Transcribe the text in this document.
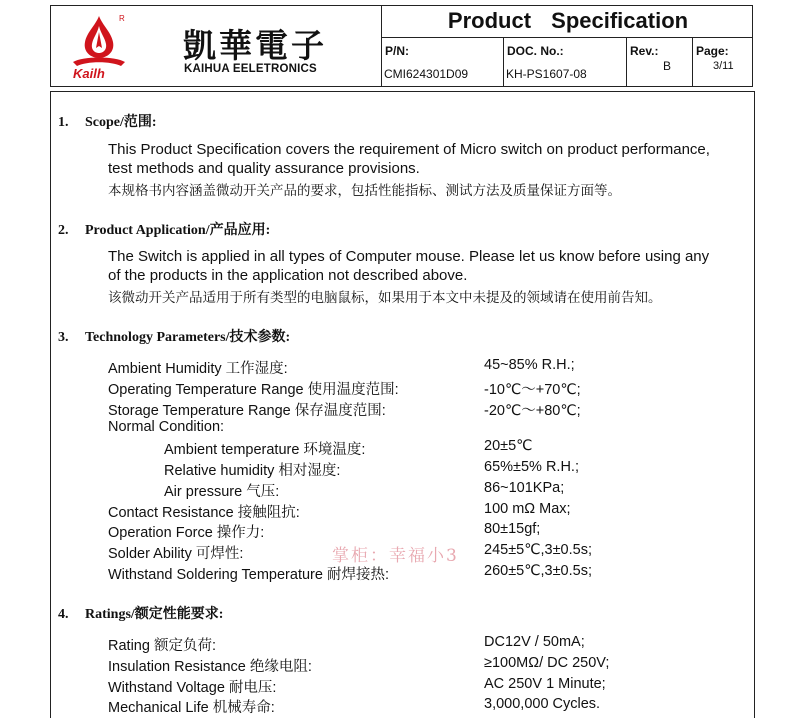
R
Kailh
凱華電子
KAIHUA EELETRONICS
Product Specification
P/N:
CMI624301D09
DOC. No.:
KH-PS1607-08
Rev.:
B
Page:
3/11
1. Scope/范围:
This Product Specification covers the requirement of Micro switch on product performance,
test methods and quality assurance provisions.
本规格书内容涵盖微动开关产品的要求，包括性能指标、测试方法及质量保证方面等。
2. Product Application/产品应用:
The Switch is applied in all types of Computer mouse. Please let us know before using any
of the products in the application not described above.
该微动开关产品适用于所有类型的电脑鼠标，如果用于本文中未提及的领域请在使用前告知。
3. Technology Parameters/技术参数:
Ambient Humidity 工作湿度:	45~85% R.H.;
Operating Temperature Range 使用温度范围:	-10℃～+70℃;
Storage Temperature Range 保存温度范围:	-20℃～+80℃;
Normal Condition:
Ambient temperature 环境温度:	20±5℃
Relative humidity 相对湿度:	65%±5% R.H.;
Air pressure 气压:	86~101KPa;
Contact Resistance 接触阻抗:	100 mΩ Max;
Operation Force 操作力:	80±15gf;
Solder Ability 可焊性:	245±5℃,3±0.5s;
Withstand Soldering Temperature 耐焊接热:	260±5℃,3±0.5s;
掌柜：幸福小3
4. Ratings/额定性能要求:
Rating 额定负荷:	DC12V / 50mA;
Insulation Resistance 绝缘电阻:	≥100MΩ/ DC 250V;
Withstand Voltage 耐电压:	AC 250V 1 Minute;
Mechanical Life 机械寿命:	3,000,000 Cycles.
